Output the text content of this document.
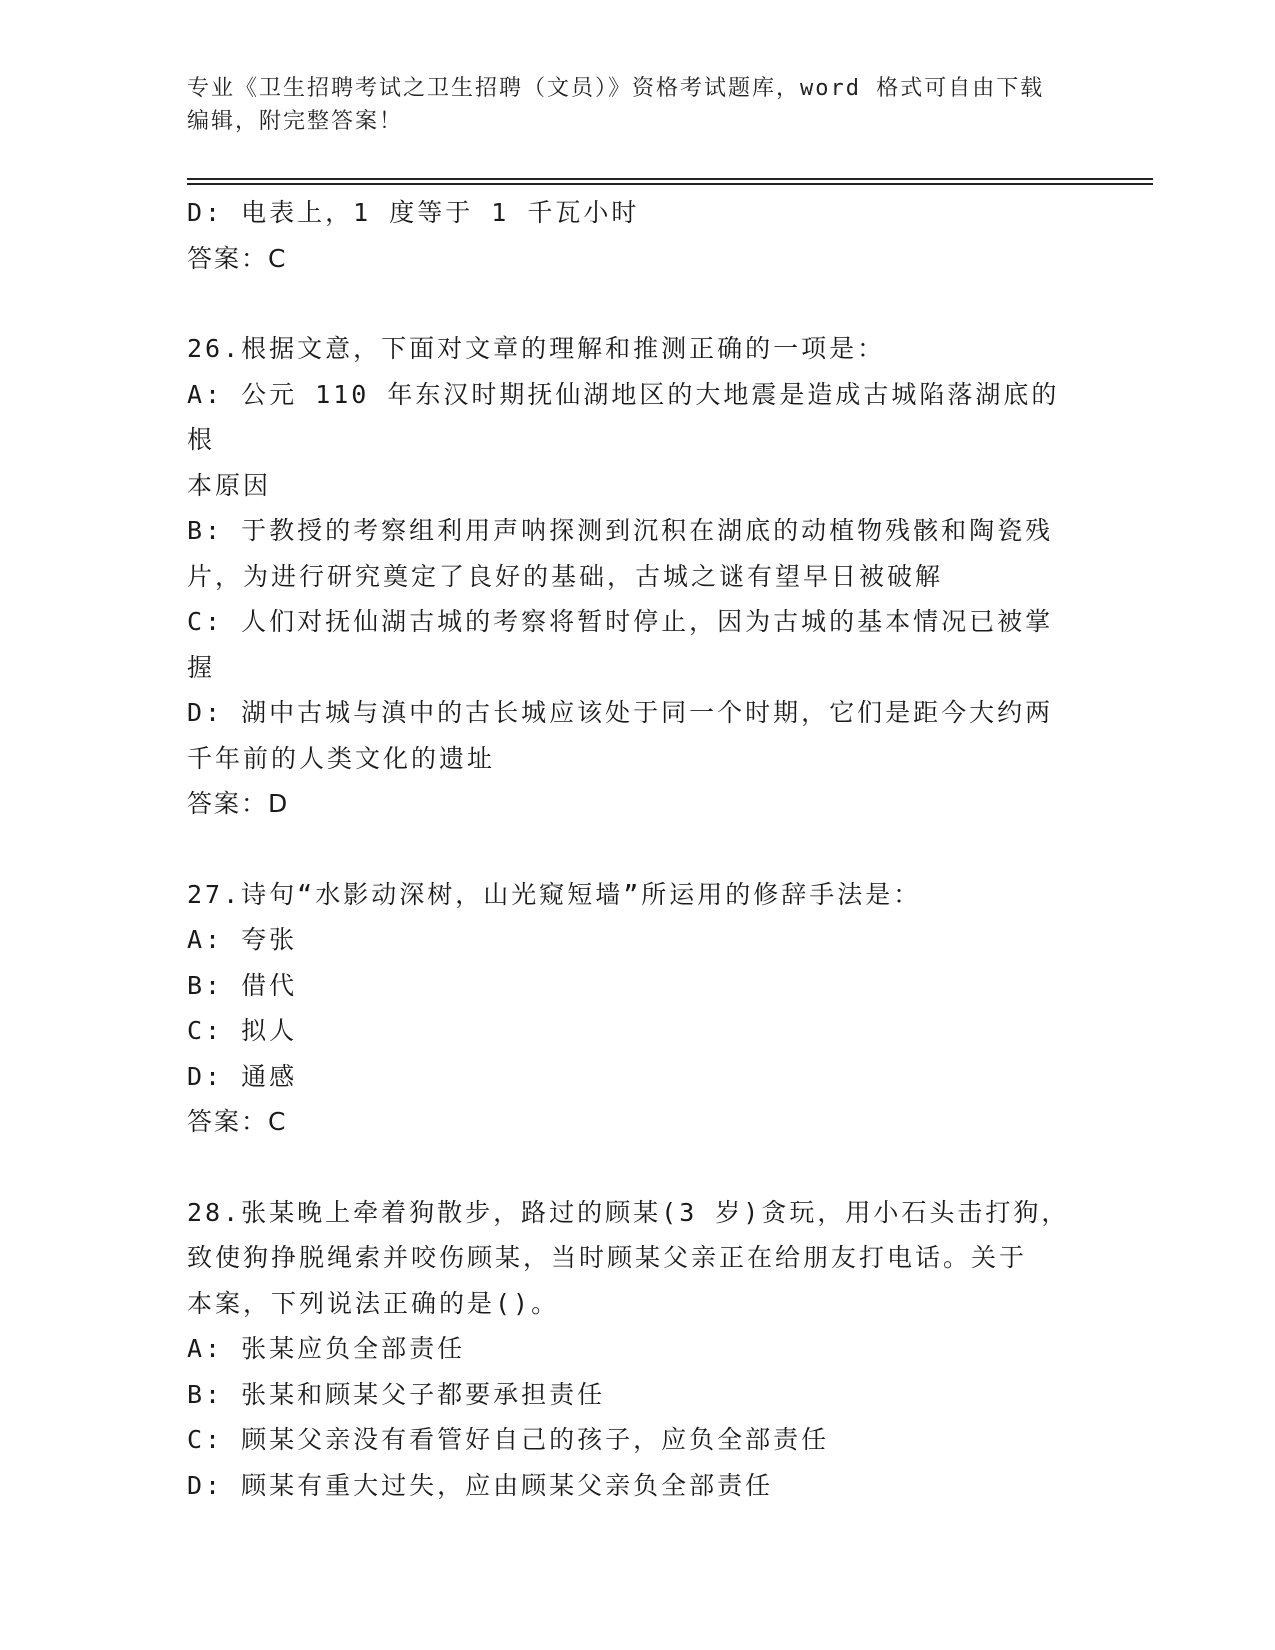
专业《卫生招聘考试之卫生招聘（文员）》资格考试题库，word 格式可自由下载
编辑，附完整答案！
D: 电表上，1 度等于 1 千瓦小时
答案：C
26.根据文意，下面对文章的理解和推测正确的一项是：
A: 公元 110 年东汉时期抚仙湖地区的大地震是造成古城陷落湖底的根
本原因
B: 于教授的考察组利用声呐探测到沉积在湖底的动植物残骸和陶瓷残
片，为进行研究奠定了良好的基础，古城之谜有望早日被破解
C: 人们对抚仙湖古城的考察将暂时停止，因为古城的基本情况已被掌
握
D: 湖中古城与滇中的古长城应该处于同一个时期，它们是距今大约两
千年前的人类文化的遗址
答案：D
27.诗句“水影动深树，山光窥短墙”所运用的修辞手法是：
A: 夸张
B: 借代
C: 拟人
D: 通感
答案：C
28.张某晚上牵着狗散步，路过的顾某(3 岁)贪玩，用小石头击打狗，
致使狗挣脱绳索并咬伤顾某，当时顾某父亲正在给朋友打电话。关于
本案，下列说法正确的是()。
A: 张某应负全部责任
B: 张某和顾某父子都要承担责任
C: 顾某父亲没有看管好自己的孩子，应负全部责任
D: 顾某有重大过失，应由顾某父亲负全部责任
